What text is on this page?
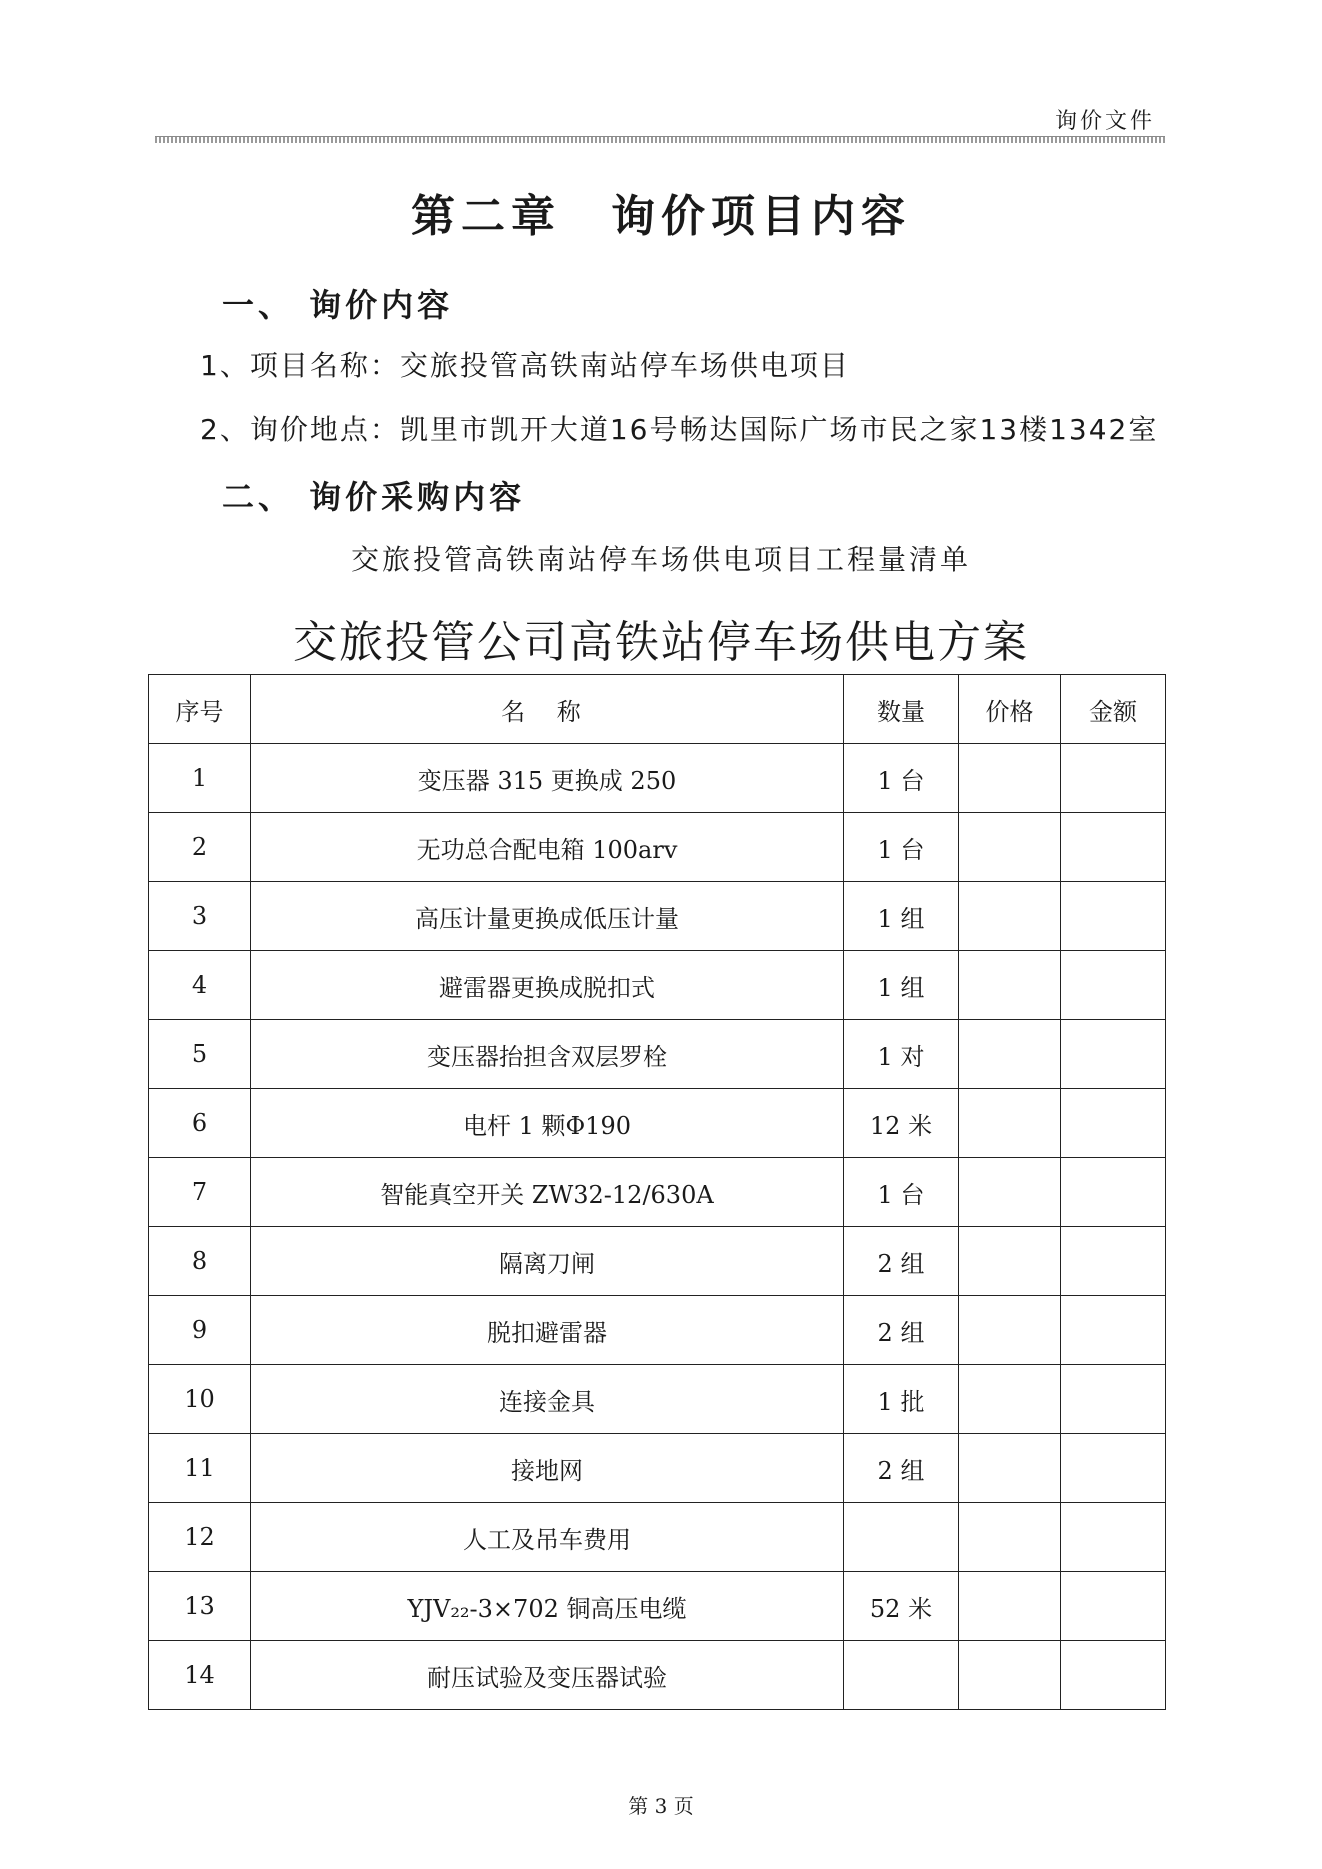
询价文件
第二章 询价项目内容
一、 询价内容
1、项目名称：交旅投管高铁南站停车场供电项目
2、询价地点：凯里市凯开大道16号畅达国际广场市民之家13楼1342室
二、 询价采购内容
交旅投管高铁南站停车场供电项目工程量清单
交旅投管公司高铁站停车场供电方案
序号	名 称	数量	价格	金额
1	变压器 315 更换成 250	1 台		
2	无功总合配电箱 100arv	1 台		
3	高压计量更换成低压计量	1 组		
4	避雷器更换成脱扣式	1 组		
5	变压器抬担含双层罗栓	1 对		
6	电杆 1 颗Φ190	12 米		
7	智能真空开关 ZW32-12/630A	1 台		
8	隔离刀闸	2 组		
9	脱扣避雷器	2 组		
10	连接金具	1 批		
11	接地网	2 组		
12	人工及吊车费用			
13	YJV₂₂-3×702 铜高压电缆	52 米		
14	耐压试验及变压器试验			
第 3 页
